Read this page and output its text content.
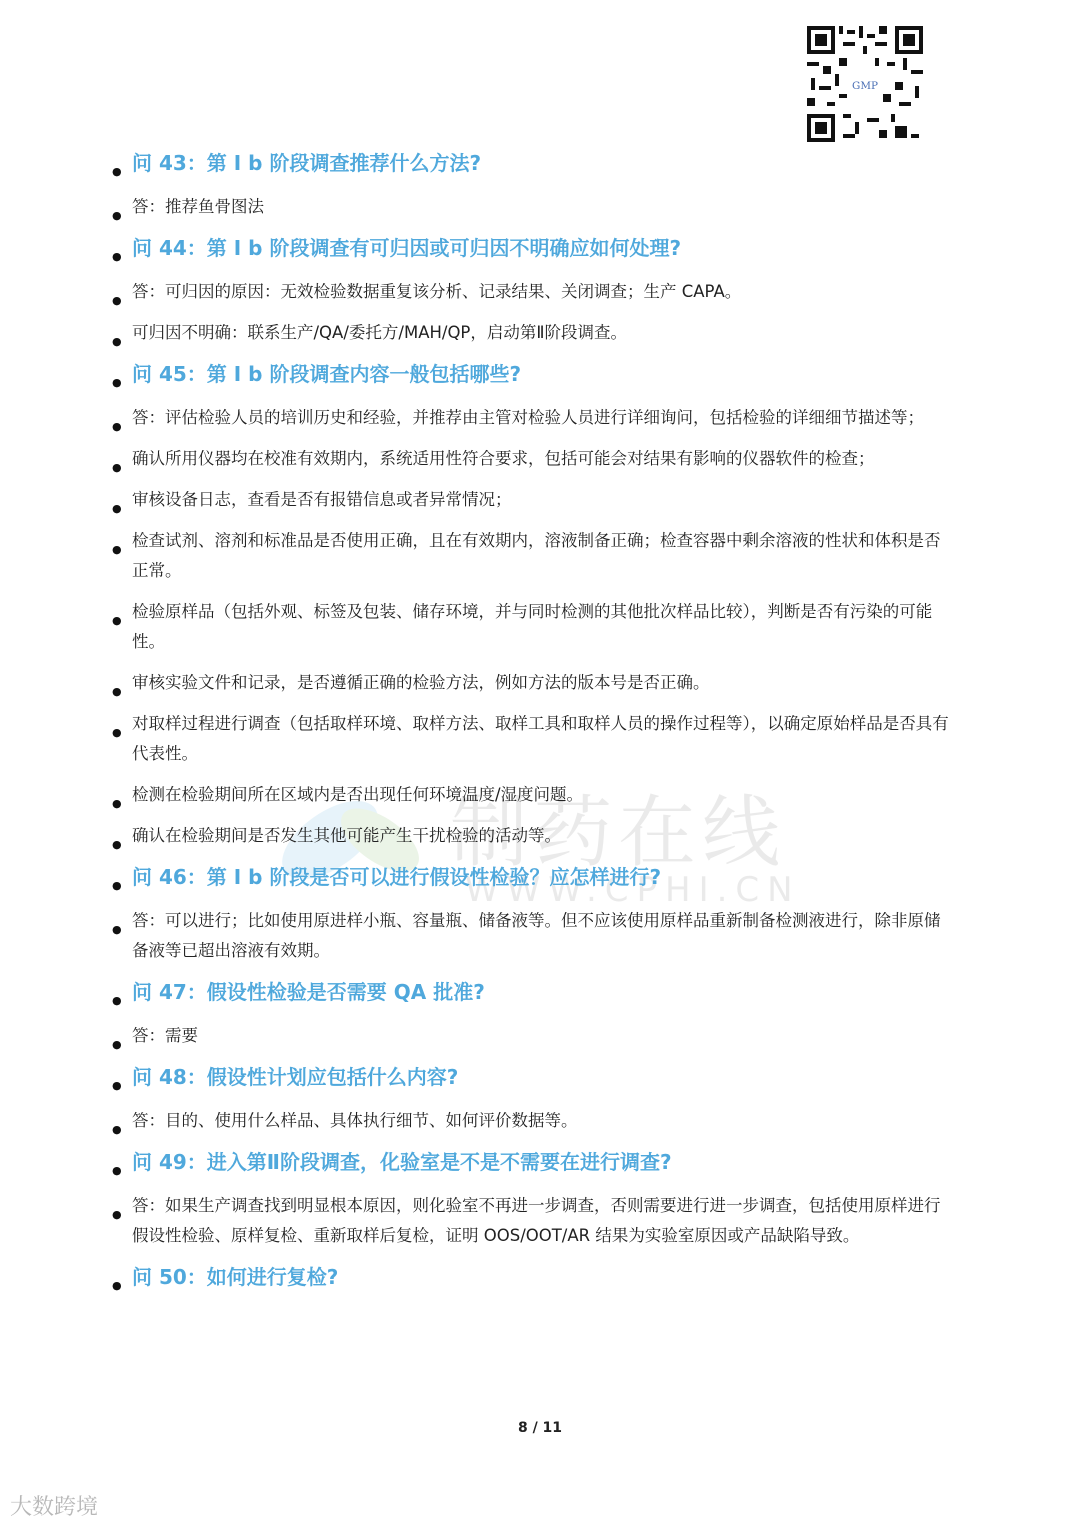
GMP
制药在线
WWW.CPHI.CN
● 问 43：第 I b 阶段调查推荐什么方法?
● 答：推荐鱼骨图法
● 问 44：第 I b 阶段调查有可归因或可归因不明确应如何处理?
● 答：可归因的原因：无效检验数据重复该分析、记录结果、关闭调查；生产 CAPA。
● 可归因不明确：联系生产/QA/委托方/MAH/QP，启动第Ⅱ阶段调查。
● 问 45：第 I b 阶段调查内容一般包括哪些?
● 答：评估检验人员的培训历史和经验，并推荐由主管对检验人员进行详细询问，包括检验的详细细节描述等；
● 确认所用仪器均在校准有效期内，系统适用性符合要求，包括可能会对结果有影响的仪器软件的检查；
● 审核设备日志，查看是否有报错信息或者异常情况；
● 检查试剂、溶剂和标准品是否使用正确，且在有效期内，溶液制备正确；检查容器中剩余溶液的性状和体积是否正常。
● 检验原样品（包括外观、标签及包装、储存环境，并与同时检测的其他批次样品比较），判断是否有污染的可能性。
● 审核实验文件和记录，是否遵循正确的检验方法，例如方法的版本号是否正确。
● 对取样过程进行调查（包括取样环境、取样方法、取样工具和取样人员的操作过程等），以确定原始样品是否具有代表性。
● 检测在检验期间所在区域内是否出现任何环境温度/湿度问题。
● 确认在检验期间是否发生其他可能产生干扰检验的活动等。
● 问 46：第 I b 阶段是否可以进行假设性检验？应怎样进行?
● 答：可以进行；比如使用原进样小瓶、容量瓶、储备液等。但不应该使用原样品重新制备检测液进行，除非原储备液等已超出溶液有效期。
● 问 47：假设性检验是否需要 QA 批准?
● 答：需要
● 问 48：假设性计划应包括什么内容?
● 答：目的、使用什么样品、具体执行细节、如何评价数据等。
● 问 49：进入第Ⅱ阶段调查，化验室是不是不需要在进行调查?
● 答：如果生产调查找到明显根本原因，则化验室不再进一步调查，否则需要进行进一步调查，包括使用原样进行假设性检验、原样复检、重新取样后复检，证明 OOS/OOT/AR 结果为实验室原因或产品缺陷导致。
● 问 50：如何进行复检?
8 / 11
大数跨境
